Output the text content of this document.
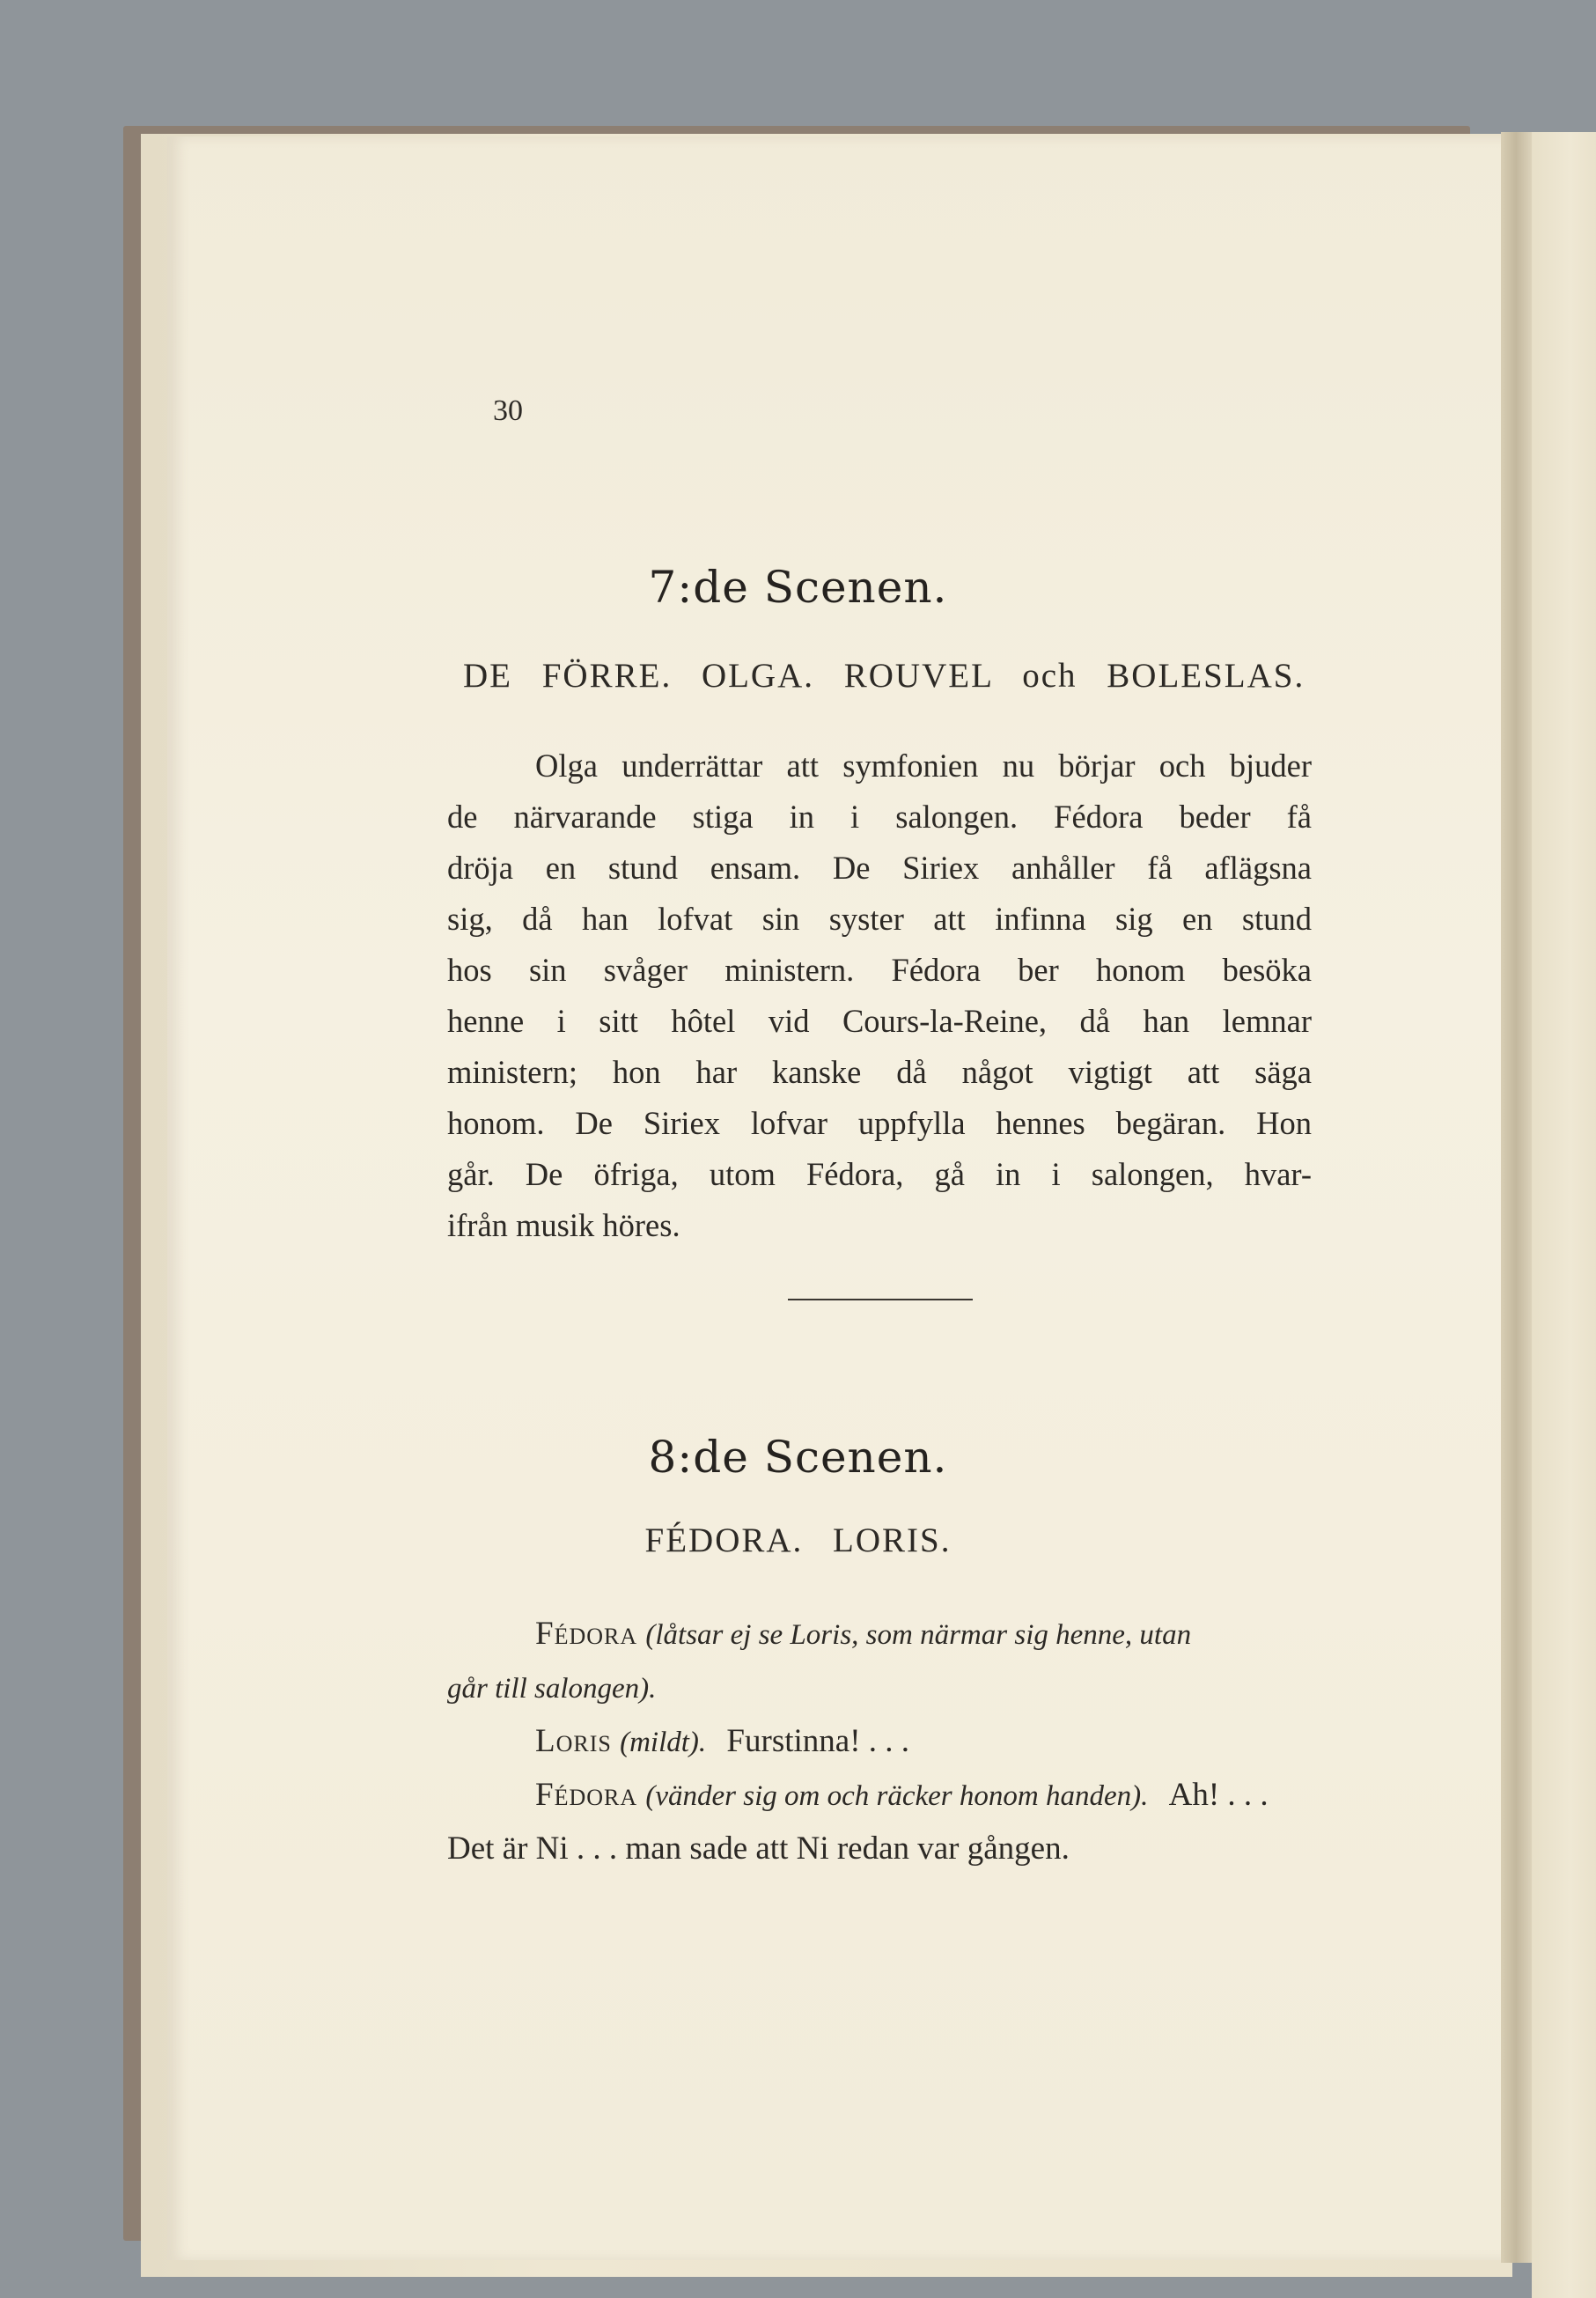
30
7:de Scenen.
DE FÖRRE. OLGA. ROUVEL och BOLESLAS.
Olga underrättar att symfonien nu börjar och bjuder
de närvarande stiga in i salongen. Fédora beder få
dröja en stund ensam. De Siriex anhåller få aflägsna
sig, då han lofvat sin syster att infinna sig en stund
hos sin svåger ministern. Fédora ber honom besöka
henne i sitt hôtel vid Cours-la-Reine, då han lemnar
ministern; hon har kanske då något vigtigt att säga
honom. De Siriex lofvar uppfylla hennes begäran. Hon
går. De öfriga, utom Fédora, gå in i salongen, hvar-
ifrån musik höres.
8:de Scenen.
FÉDORA. LORIS.
Fédora (låtsar ej se Loris, som närmar sig henne, utan
går till salongen).
Loris (mildt). Furstinna! . . .
Fédora (vänder sig om och räcker honom handen). Ah! . . .
Det är Ni . . . man sade att Ni redan var gången.
